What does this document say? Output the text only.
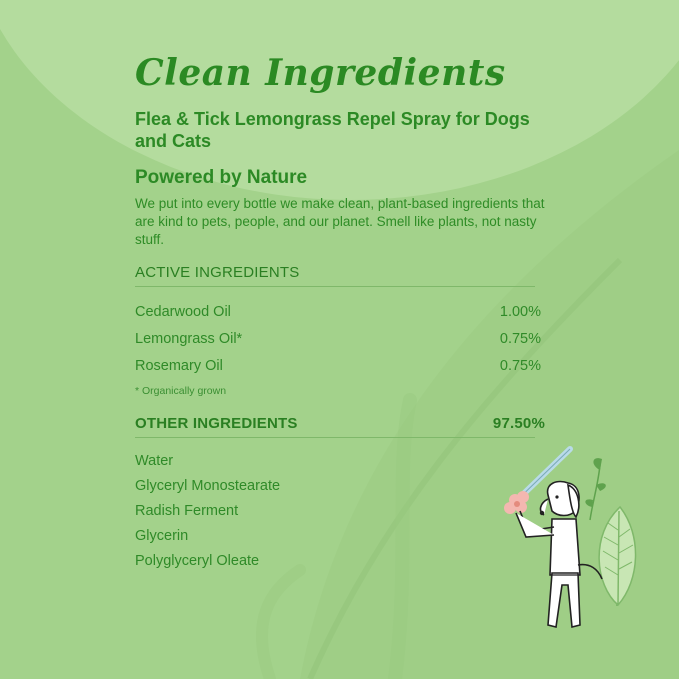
Clean Ingredients
Flea & Tick Lemongrass Repel Spray for Dogs and Cats
Powered by Nature
We put into every bottle we make clean, plant-based ingredients that are kind to pets, people, and our planet. Smell like plants, not nasty stuff.
ACTIVE INGREDIENTS
Cedarwood Oil	1.00%
Lemongrass Oil*	0.75%
Rosemary Oil	0.75%
* Organically grown
OTHER INGREDIENTS	97.50%
Water
Glyceryl Monostearate
Radish Ferment
Glycerin
Polyglyceryl Oleate
